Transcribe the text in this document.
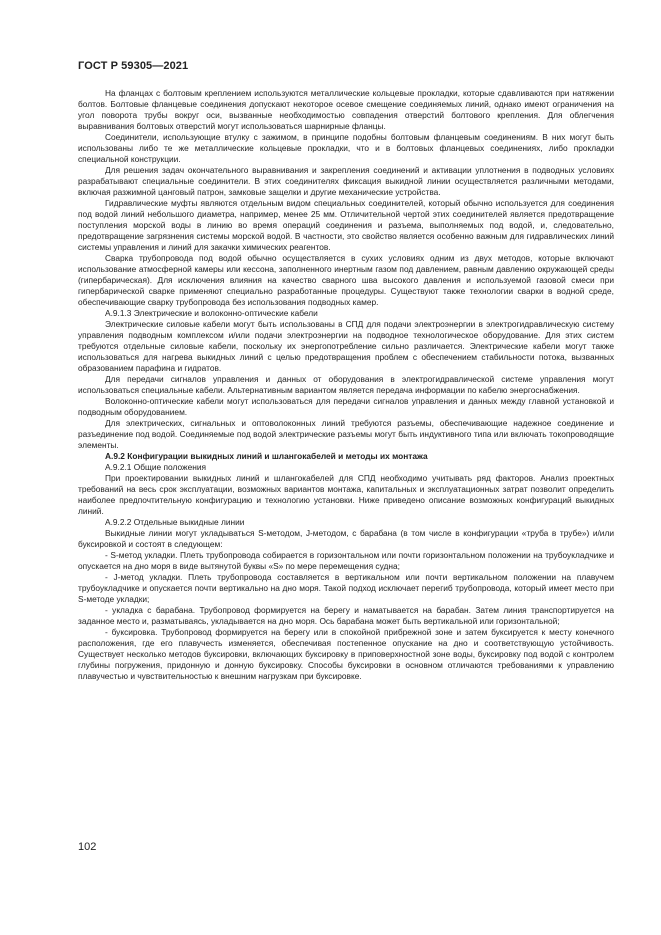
ГОСТ Р 59305—2021

На фланцах с болтовым креплением используются металлические кольцевые прокладки, которые сдавливаются при натяжении болтов. Болтовые фланцевые соединения допускают некоторое осевое смещение соединяемых линий, однако имеют ограничения на угол поворота трубы вокруг оси, вызванные необходимостью совпадения отверстий болтового крепления. Для облегчения выравнивания болтовых отверстий могут использоваться шарнирные фланцы.

Соединители, использующие втулку с зажимом, в принципе подобны болтовым фланцевым соединениям. В них могут быть использованы либо те же металлические кольцевые прокладки, что и в болтовых фланцевых соединениях, либо прокладки специальной конструкции.

Для решения задач окончательного выравнивания и закрепления соединений и активации уплотнения в подводных условиях разрабатывают специальные соединители. В этих соединителях фиксация выкидной линии осуществляется различными методами, включая разжимной цанговый патрон, замковые защелки и другие механические устройства.

Гидравлические муфты являются отдельным видом специальных соединителей, который обычно используется для соединения под водой линий небольшого диаметра, например, менее 25 мм. Отличительной чертой этих соединителей является предотвращение поступления морской воды в линию во время операций соединения и разъема, выполняемых под водой, и, следовательно, предотвращение загрязнения системы морской водой. В частности, это свойство является особенно важным для гидравлических линий системы управления и линий для закачки химических реагентов.

Сварка трубопровода под водой обычно осуществляется в сухих условиях одним из двух методов, которые включают использование атмосферной камеры или кессона, заполненного инертным газом под давлением, равным давлению окружающей среды (гипербарическая). Для исключения влияния на качество сварного шва высокого давления и используемой газовой смеси при гипербарической сварке применяют специально разработанные процедуры. Существуют также технологии сварки в водной среде, обеспечивающие сварку трубопровода без использования подводных камер.

А.9.1.3 Электрические и волоконно-оптические кабели

Электрические силовые кабели могут быть использованы в СПД для подачи электроэнергии в электрогидравлическую систему управления подводным комплексом и/или подачи электроэнергии на подводное технологическое оборудование. Для этих систем требуются отдельные силовые кабели, поскольку их энергопотребление сильно различается. Электрические кабели могут также использоваться для нагрева выкидных линий с целью предотвращения проблем с обеспечением стабильности потока, вызванных образованием парафина и гидратов.

Для передачи сигналов управления и данных от оборудования в электрогидравлической системе управления могут использоваться специальные кабели. Альтернативным вариантом является передача информации по кабелю энергоснабжения.

Волоконно-оптические кабели могут использоваться для передачи сигналов управления и данных между главной установкой и подводным оборудованием.

Для электрических, сигнальных и оптоволоконных линий требуются разъемы, обеспечивающие надежное соединение и разъединение под водой. Соединяемые под водой электрические разъемы могут быть индуктивного типа или включать токопроводящие элементы.

А.9.2 Конфигурации выкидных линий и шлангокабелей и методы их монтажа

А.9.2.1 Общие положения

При проектировании выкидных линий и шлангокабелей для СПД необходимо учитывать ряд факторов. Анализ проектных требований на весь срок эксплуатации, возможных вариантов монтажа, капитальных и эксплуатационных затрат позволит определить наиболее предпочтительную конфигурацию и технологию установки. Ниже приведено описание возможных конфигураций выкидных линий.

А.9.2.2 Отдельные выкидные линии

Выкидные линии могут укладываться S-методом, J-методом, с барабана (в том числе в конфигурации «труба в трубе») и/или буксировкой и состоят в следующем:

- S-метод укладки. Плеть трубопровода собирается в горизонтальном или почти горизонтальном положении на трубоукладчике и опускается на дно моря в виде вытянутой буквы «S» по мере перемещения судна;

- J-метод укладки. Плеть трубопровода составляется в вертикальном или почти вертикальном положении на плавучем трубоукладчике и опускается почти вертикально на дно моря. Такой подход исключает перегиб трубопровода, который имеет место при S-методе укладки;

- укладка с барабана. Трубопровод формируется на берегу и наматывается на барабан. Затем линия транспортируется на заданное место и, разматываясь, укладывается на дно моря. Ось барабана может быть вертикальной или горизонтальной;

- буксировка. Трубопровод формируется на берегу или в спокойной прибрежной зоне и затем буксируется к месту конечного расположения, где его плавучесть изменяется, обеспечивая постепенное опускание на дно и соответствующую устойчивость. Существует несколько методов буксировки, включающих буксировку в приповерхностной зоне воды, буксировку под водой с контролем глубины погружения, придонную и донную буксировку. Способы буксировки в основном отличаются требованиями к управлению плавучестью и чувствительностью к внешним нагрузкам при буксировке.

102
